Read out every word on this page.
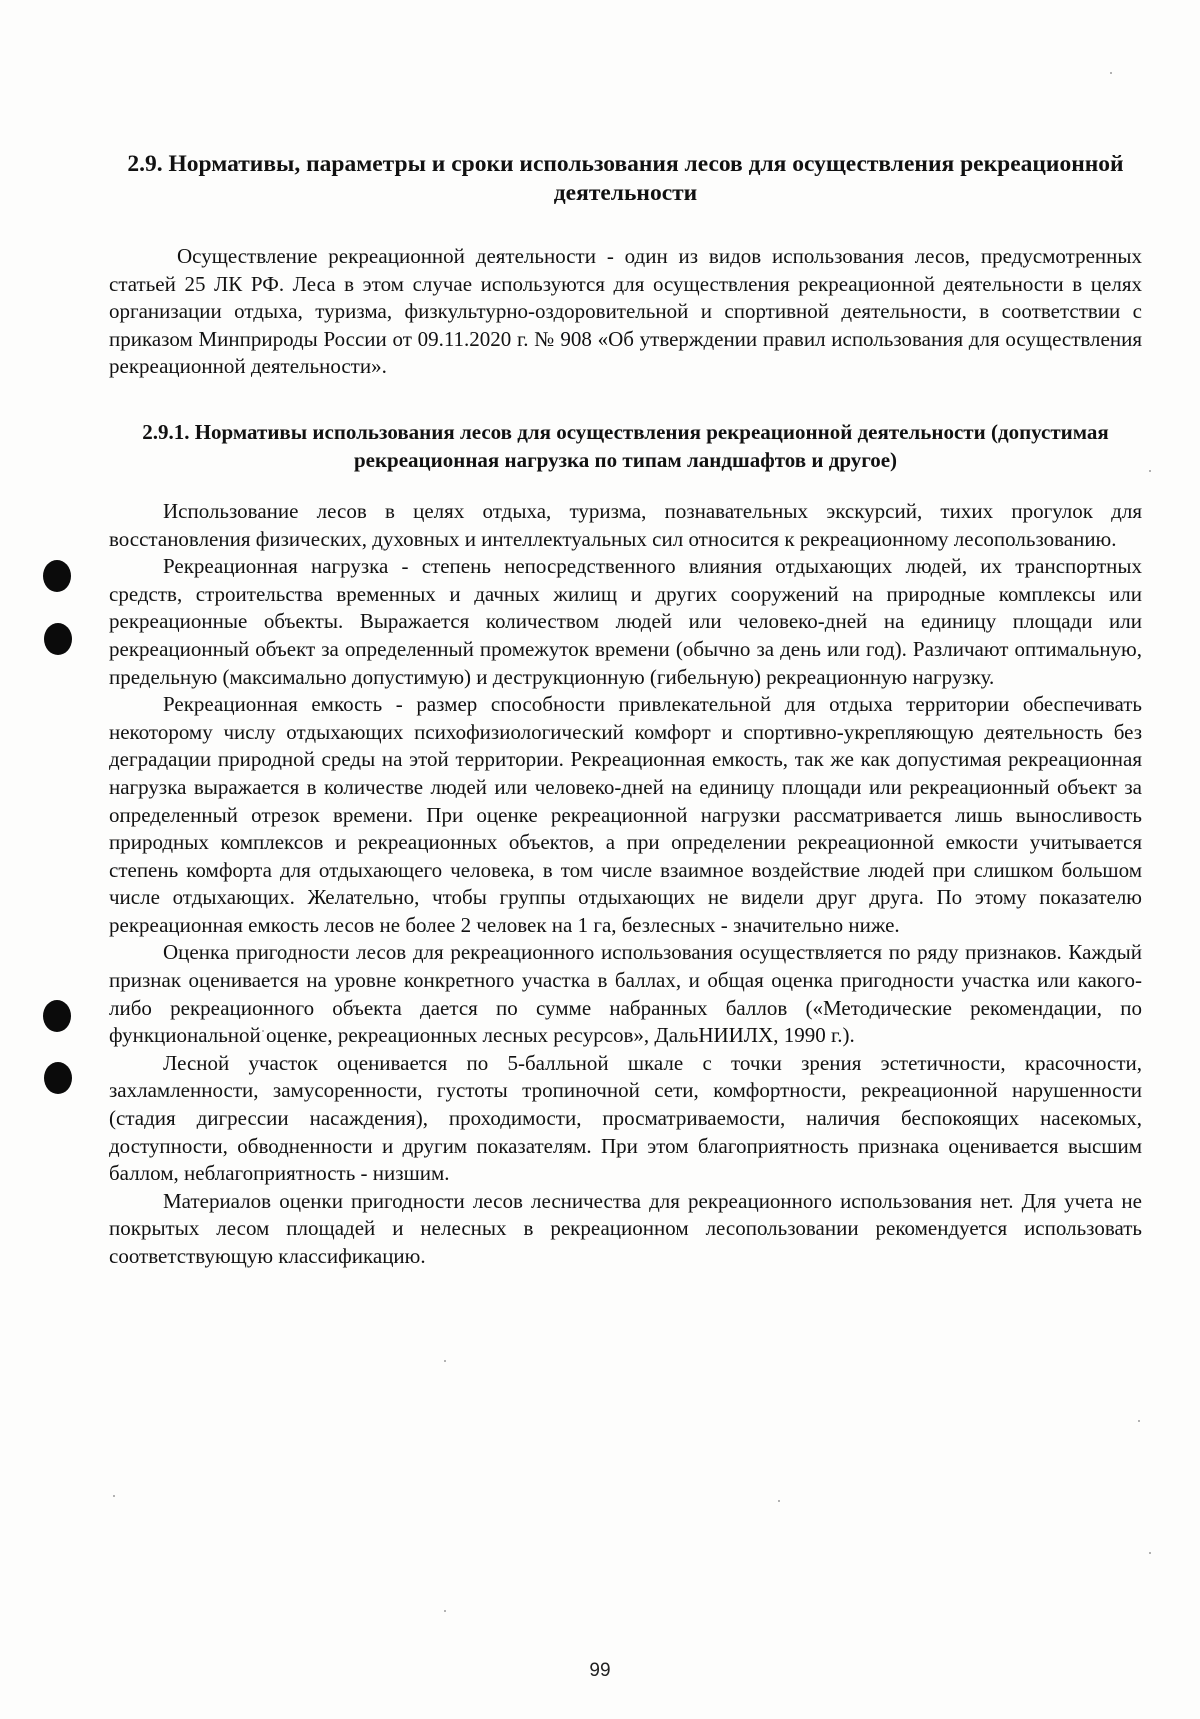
2.9. Нормативы, параметры и сроки использования лесов для осуществления рекреационной деятельности

Осуществление рекреационной деятельности - один из видов использования лесов, предусмотренных статьей 25 ЛК РФ. Леса в этом случае используются для осуществления рекреационной деятельности в целях организации отдыха, туризма, физкультурно-оздоровительной и спортивной деятельности, в соответствии с приказом Минприроды России от 09.11.2020 г. № 908 «Об утверждении правил использования для осуществления рекреационной деятельности».

2.9.1. Нормативы использования лесов для осуществления рекреационной деятельности (допустимая рекреационная нагрузка по типам ландшафтов и другое)

Использование лесов в целях отдыха, туризма, познавательных экскурсий, тихих прогулок для восстановления физических, духовных и интеллектуальных сил относится к рекреационному лесопользованию.

Рекреационная нагрузка - степень непосредственного влияния отдыхающих людей, их транспортных средств, строительства временных и дачных жилищ и других сооружений на природные комплексы или рекреационные объекты. Выражается количеством людей или человеко-дней на единицу площади или рекреационный объект за определенный промежуток времени (обычно за день или год). Различают оптимальную, предельную (максимально допустимую) и деструкционную (гибельную) рекреационную нагрузку.

Рекреационная емкость - размер способности привлекательной для отдыха территории обеспечивать некоторому числу отдыхающих психофизиологический комфорт и спортивно-укрепляющую деятельность без деградации природной среды на этой территории. Рекреационная емкость, так же как допустимая рекреационная нагрузка выражается в количестве людей или человеко-дней на единицу площади или рекреационный объект за определенный отрезок времени. При оценке рекреационной нагрузки рассматривается лишь выносливость природных комплексов и рекреационных объектов, а при определении рекреационной емкости учитывается степень комфорта для отдыхающего человека, в том числе взаимное воздействие людей при слишком большом числе отдыхающих. Желательно, чтобы группы отдыхающих не видели друг друга. По этому показателю рекреационная емкость лесов не более 2 человек на 1 га, безлесных - значительно ниже.

Оценка пригодности лесов для рекреационного использования осуществляется по ряду признаков. Каждый признак оценивается на уровне конкретного участка в баллах, и общая оценка пригодности участка или какого-либо рекреационного объекта дается по сумме набранных баллов («Методические рекомендации, по функциональной оценке, рекреационных лесных ресурсов», ДальНИИЛХ, 1990 г.).

Лесной участок оценивается по 5-балльной шкале с точки зрения эстетичности, красочности, захламленности, замусоренности, густоты тропиночной сети, комфортности, рекреационной нарушенности (стадия дигрессии насаждения), проходимости, просматриваемости, наличия беспокоящих насекомых, доступности, обводненности и другим показателям. При этом благоприятность признака оценивается высшим баллом, неблагоприятность - низшим.

Материалов оценки пригодности лесов лесничества для рекреационного использования нет. Для учета не покрытых лесом площадей и нелесных в рекреационном лесопользовании рекомендуется использовать соответствующую классификацию.

99
